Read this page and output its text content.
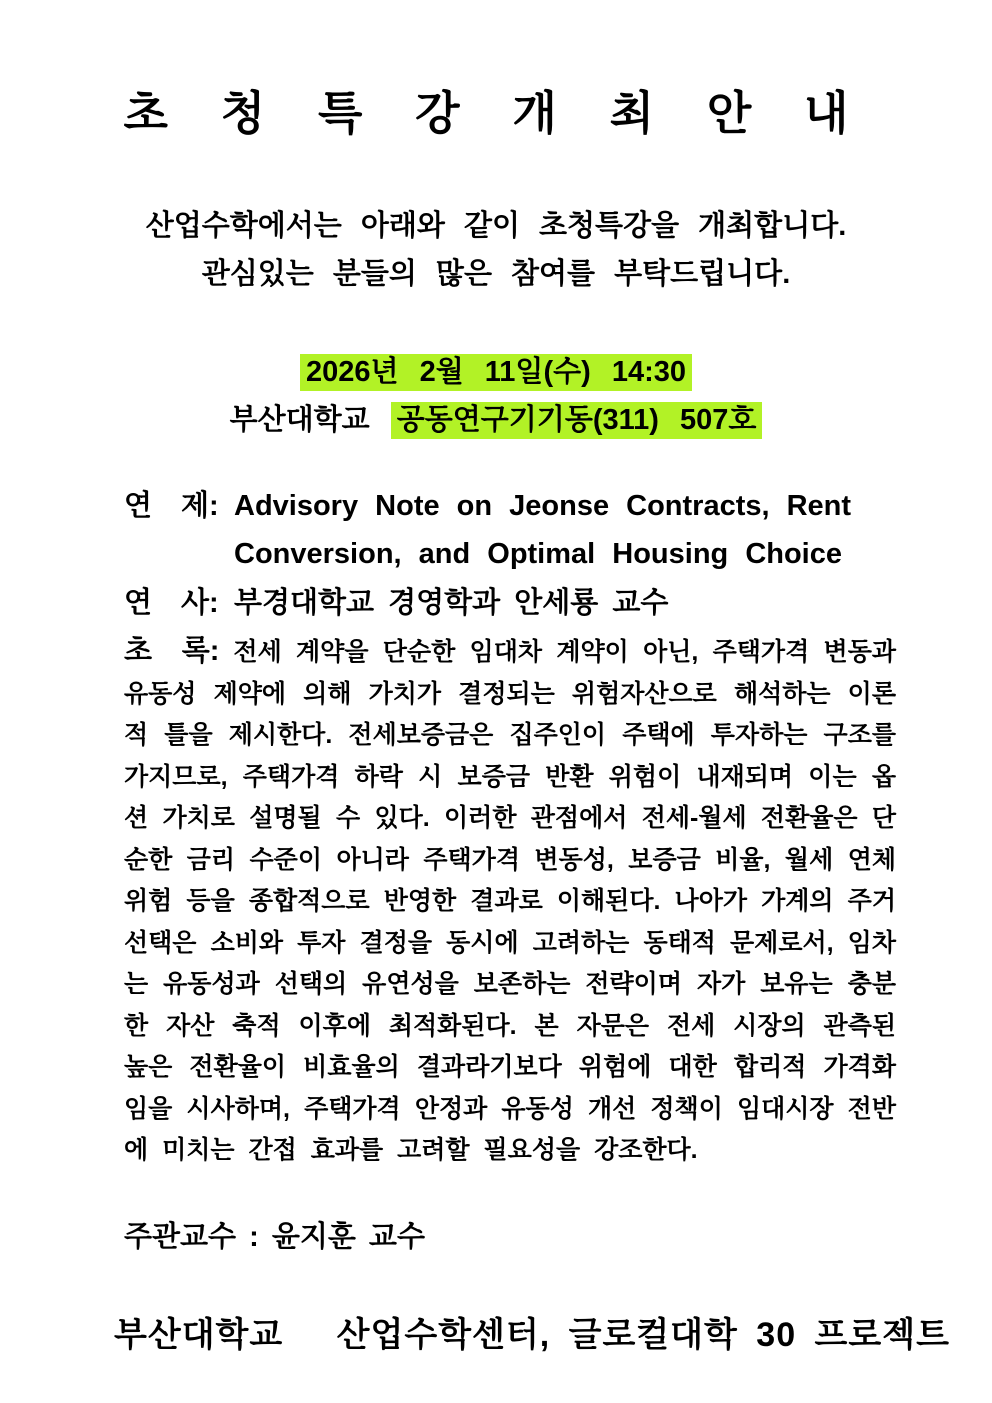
초 청 특 강 개 최 안 내
산업수학에서는 아래와 같이 초청특강을 개최합니다.
관심있는 분들의 많은 참여를 부탁드립니다.
2026년 2월 11일(수) 14:30
부산대학교 공동연구기기동(311) 507호
연　제: Advisory Note on Jeonse Contracts, Rent
Conversion, and Optimal Housing Choice
연　사: 부경대학교 경영학과 안세룡 교수

초　록: 전세 계약을 단순한 임대차 계약이 아닌, 주택가격 변동과 유동성 제약에 의해 가치가 결정되는 위험자산으로 해석하는 이론적 틀을 제시한다. 전세보증금은 집주인이 주택에 투자하는 구조를 가지므로, 주택가격 하락 시 보증금 반환 위험이 내재되며 이는 옵션 가치로 설명될 수 있다. 이러한 관점에서 전세-월세 전환율은 단순한 금리 수준이 아니라 주택가격 변동성, 보증금 비율, 월세 연체 위험 등을 종합적으로 반영한 결과로 이해된다. 나아가 가계의 주거 선택은 소비와 투자 결정을 동시에 고려하는 동태적 문제로서, 임차는 유동성과 선택의 유연성을 보존하는 전략이며 자가 보유는 충분한 자산 축적 이후에 최적화된다. 본 자문은 전세 시장의 관측된 높은 전환율이 비효율의 결과라기보다 위험에 대한 합리적 가격화임을 시사하며, 주택가격 안정과 유동성 개선 정책이 임대시장 전반에 미치는 간접 효과를 고려할 필요성을 강조한다.

주관교수 : 윤지훈 교수
부산대학교　 산업수학센터, 글로컬대학 30 프로젝트
